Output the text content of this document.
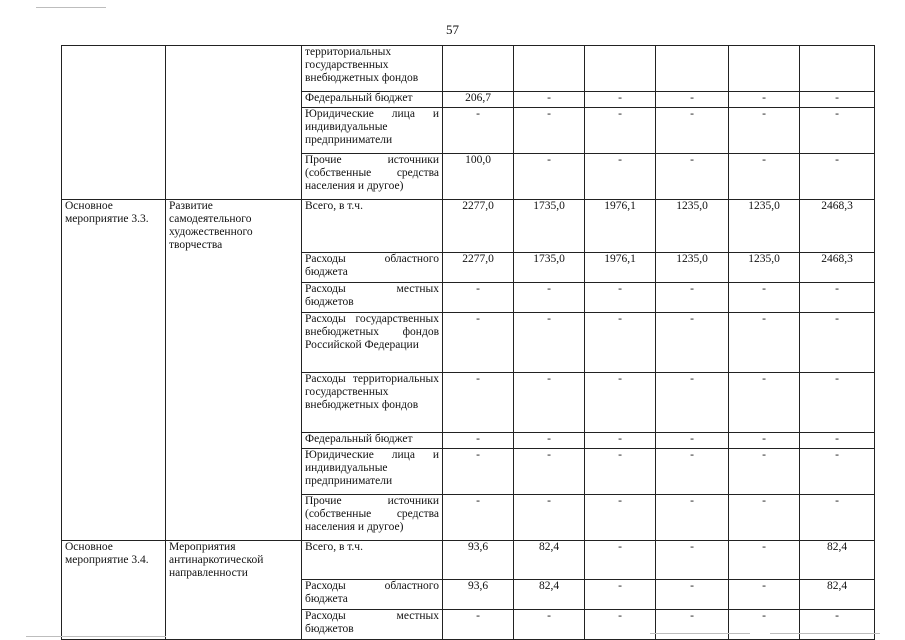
57
		территориальных государственных внебюджетных фондов						
		Федеральный бюджет	206,7	-	-	-	-	-
		Юридические лица и индивидуальные предприниматели	-	-	-	-	-	-
		Прочие источники (собственные средства населения и другое)	100,0	-	-	-	-	-
Основное мероприятие 3.3.	Развитие самодеятельного художественного творчества	Всего, в т.ч.	2277,0	1735,0	1976,1	1235,0	1235,0	2468,3
		Расходы областного бюджета	2277,0	1735,0	1976,1	1235,0	1235,0	2468,3
		Расходы местных бюджетов	-	-	-	-	-	-
		Расходы государственных внебюджетных фондов Российской Федерации	-	-	-	-	-	-
		Расходы территориальных государственных внебюджетных фондов	-	-	-	-	-	-
		Федеральный бюджет	-	-	-	-	-	-
		Юридические лица и индивидуальные предприниматели	-	-	-	-	-	-
		Прочие источники (собственные средства населения и другое)	-	-	-	-	-	-
Основное мероприятие 3.4.	Мероприятия антинаркотической направленности	Всего, в т.ч.	93,6	82,4	-	-	-	82,4
		Расходы областного бюджета	93,6	82,4	-	-	-	82,4
		Расходы местных бюджетов	-	-	-	-	-	-
